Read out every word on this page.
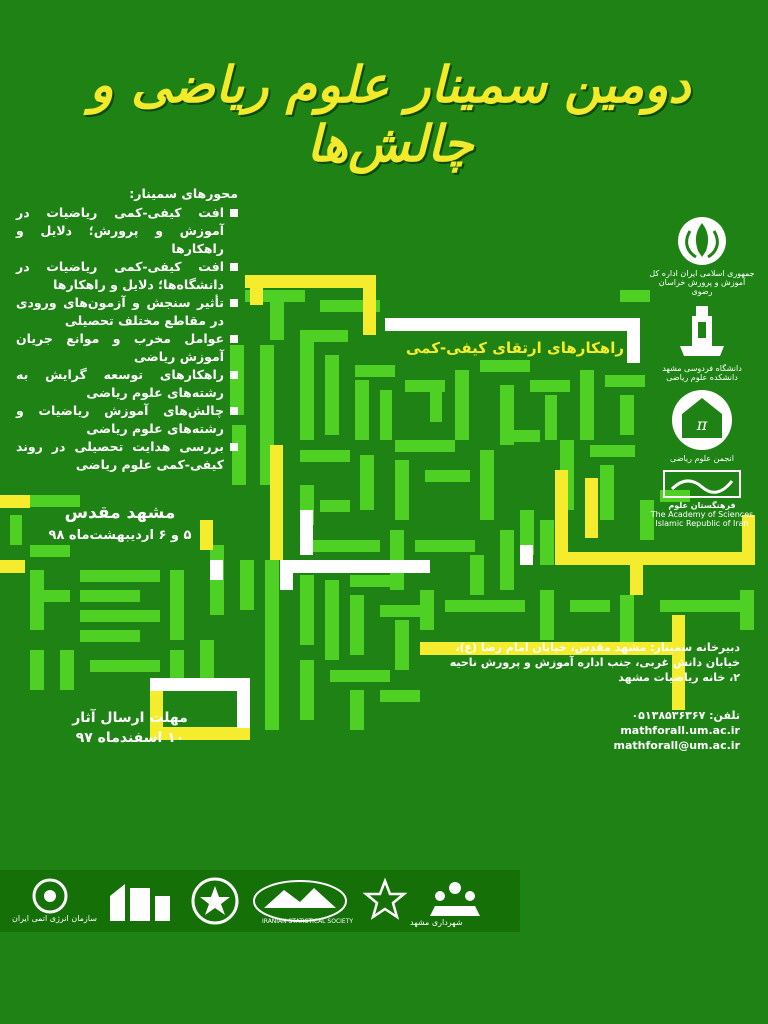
دومین سمینار علوم ریاضی و چالش‌ها
محورهای سمینار:
افت کیفی-کمی ریاضیات در آموزش و پرورش؛ دلایل و راهکارها
افت کیفی-کمی ریاضیات در دانشگاه‌ها؛ دلایل و راهکارها
تأثیر سنجش و آزمون‌های ورودی در مقاطع مختلف تحصیلی
عوامل مخرب و موانع جریان آموزش ریاضی
راهکارهای توسعه گرایش به رشته‌های علوم ریاضی
چالش‌های آموزش ریاضیات و رشته‌های علوم ریاضی
بررسی هدایت تحصیلی در روند کیفی-کمی علوم ریاضی
راهکارهای ارتقای کیفی-کمی
مشهد مقدس
۵ و ۶ اردیبهشت‌ماه ۹۸
مهلت ارسال آثار
۱۰ اسفندماه ۹۷
دبیرخانه سمینار: مشهد مقدس، خیابان امام رضا (ع)، خیابان دانش غربی، جنب اداره آموزش و پرورش ناحیه ۲، خانه ریاضیات مشهد
تلفن: ۰۵۱۳۸۵۳۶۳۶۷
mathforall.um.ac.ir
mathforall@um.ac.ir
جمهوری اسلامی ایران اداره کل آموزش و پرورش خراسان رضوی
دانشگاه فردوسی مشهد دانشکده علوم ریاضی
π
انجمن علوم ریاضی
فرهنگستان علوم
The Academy of Sciences
Islamic Republic of Iran
سازمان انرژی اتمی ایران	IRANIAN STATISTICAL SOCIETY	شهرداری مشهد
